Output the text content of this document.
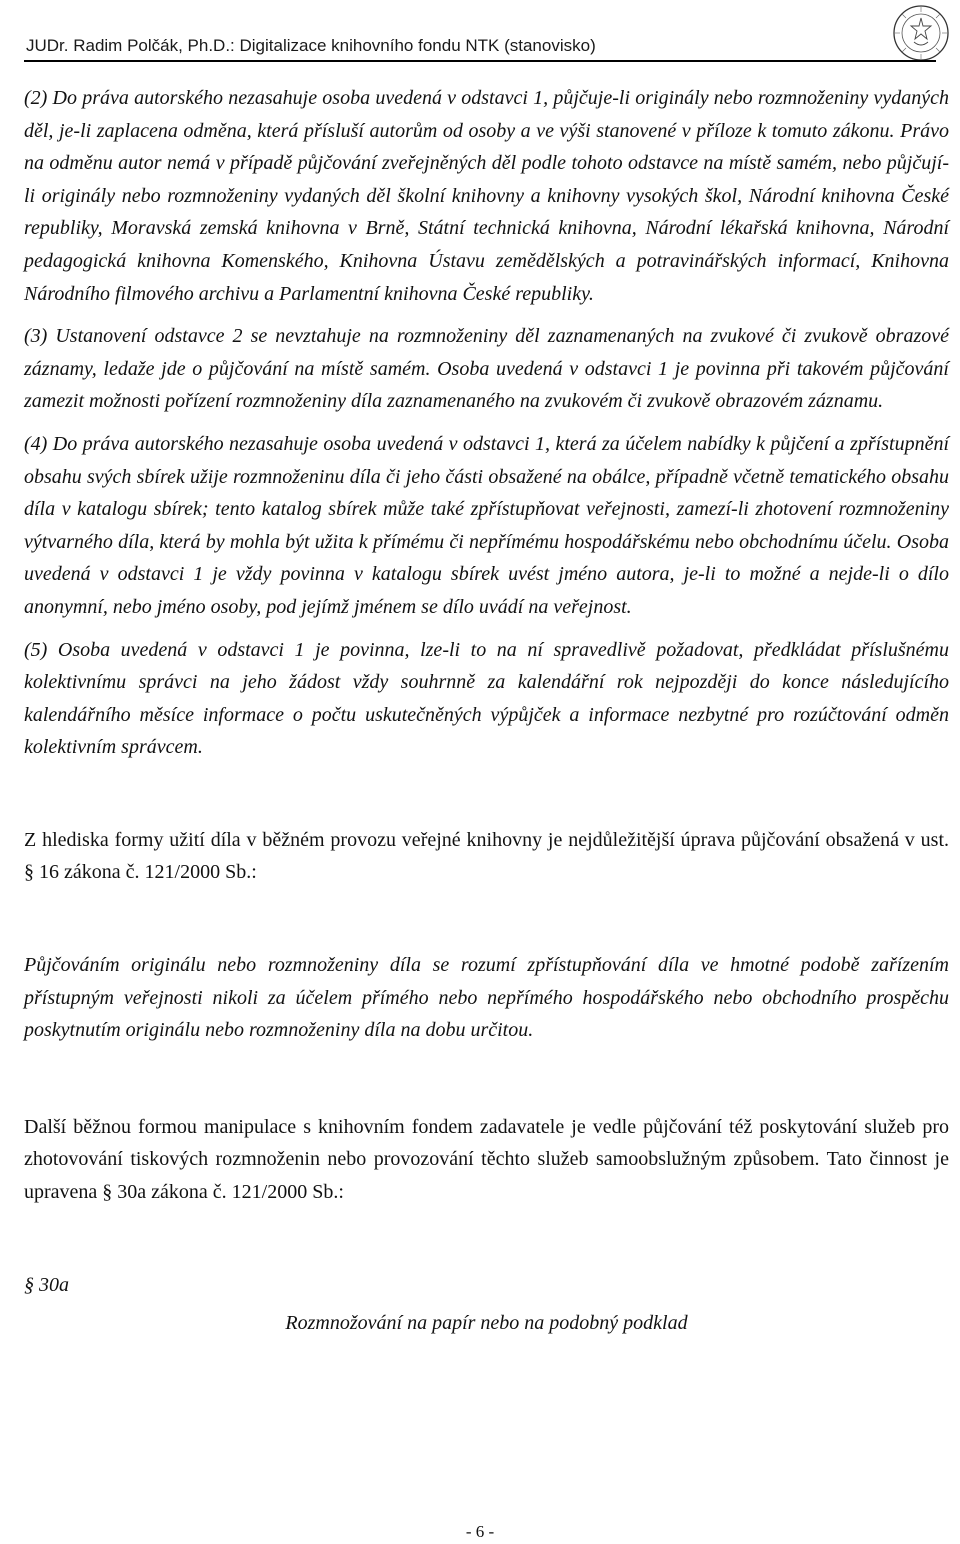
JUDr. Radim Polčák, Ph.D.: Digitalizace knihovního fondu NTK (stanovisko)

(2) Do práva autorského nezasahuje osoba uvedená v odstavci 1, půjčuje-li originály nebo rozmnoženiny vydaných děl, je-li zaplacena odměna, která přísluší autorům od osoby a ve výši stanovené v příloze k tomuto zákonu. Právo na odměnu autor nemá v případě půjčování zveřejněných děl podle tohoto odstavce na místě samém, nebo půjčují-li originály nebo rozmnoženiny vydaných děl školní knihovny a knihovny vysokých škol, Národní knihovna České republiky, Moravská zemská knihovna v Brně, Státní technická knihovna, Národní lékařská knihovna, Národní pedagogická knihovna Komenského, Knihovna Ústavu zemědělských a potravinářských informací, Knihovna Národního filmového archivu a Parlamentní knihovna České republiky.

(3) Ustanovení odstavce 2 se nevztahuje na rozmnoženiny děl zaznamenaných na zvukové či zvukově obrazové záznamy, ledaže jde o půjčování na místě samém. Osoba uvedená v odstavci 1 je povinna při takovém půjčování zamezit možnosti pořízení rozmnoženiny díla zaznamenaného na zvukovém či zvukově obrazovém záznamu.

(4) Do práva autorského nezasahuje osoba uvedená v odstavci 1, která za účelem nabídky k půjčení a zpřístupnění obsahu svých sbírek užije rozmnoženinu díla či jeho části obsažené na obálce, případně včetně tematického obsahu díla v katalogu sbírek; tento katalog sbírek může také zpřístupňovat veřejnosti, zamezí-li zhotovení rozmnoženiny výtvarného díla, která by mohla být užita k přímému či nepřímému hospodářskému nebo obchodnímu účelu. Osoba uvedená v odstavci 1 je vždy povinna v katalogu sbírek uvést jméno autora, je-li to možné a nejde-li o dílo anonymní, nebo jméno osoby, pod jejímž jménem se dílo uvádí na veřejnost.

(5) Osoba uvedená v odstavci 1 je povinna, lze-li to na ní spravedlivě požadovat, předkládat příslušnému kolektivnímu správci na jeho žádost vždy souhrnně za kalendářní rok nejpozději do konce následujícího kalendářního měsíce informace o počtu uskutečněných výpůjček a informace nezbytné pro rozúčtování odměn kolektivním správcem.

Z hlediska formy užití díla v běžném provozu veřejné knihovny je nejdůležitější úprava půjčování obsažená v ust. § 16 zákona č. 121/2000 Sb.:

Půjčováním originálu nebo rozmnoženiny díla se rozumí zpřístupňování díla ve hmotné podobě zařízením přístupným veřejnosti nikoli za účelem přímého nebo nepřímého hospodářského nebo obchodního prospěchu poskytnutím originálu nebo rozmnoženiny díla na dobu určitou.

Další běžnou formou manipulace s knihovním fondem zadavatele je vedle půjčování též poskytování služeb pro zhotovování tiskových rozmnoženin nebo provozování těchto služeb samoobslužným způsobem. Tato činnost je upravena § 30a zákona č. 121/2000 Sb.:

§ 30a

Rozmnožování na papír nebo na podobný podklad

- 6 -
